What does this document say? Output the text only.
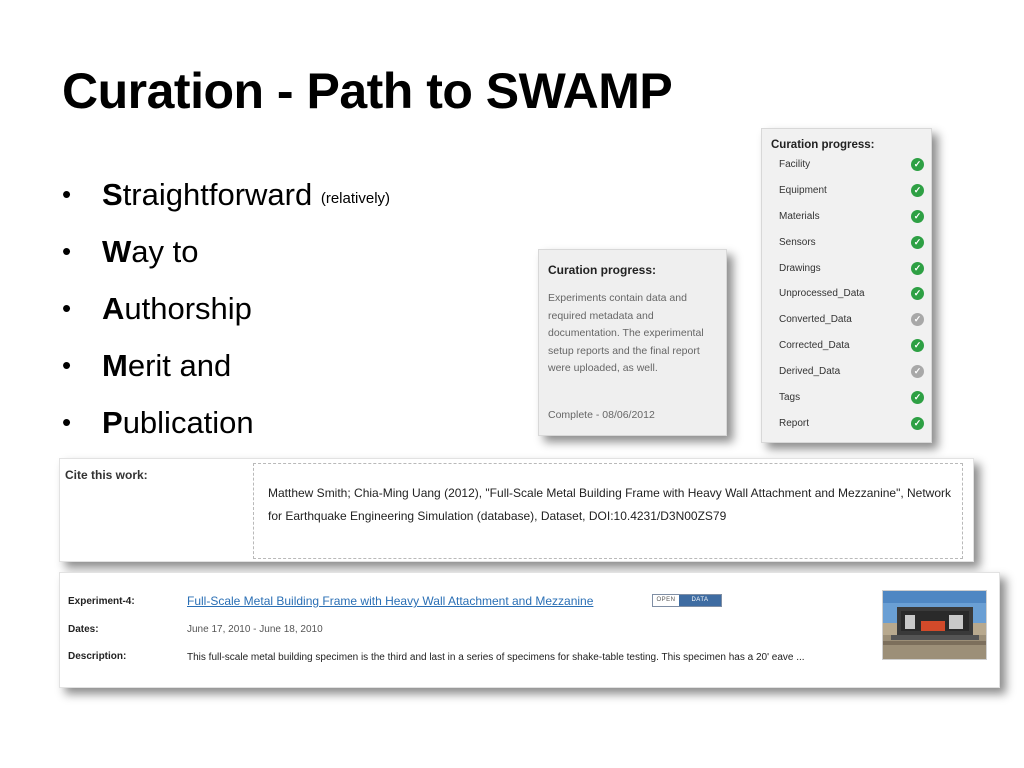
Curation - Path to SWAMP
• Straightforward (relatively)
• Way to
• Authorship
• Merit and
• Publication
Curation progress:
Experiments contain data and required metadata and documentation. The experimental setup reports and the final report were uploaded, as well.
Complete - 08/06/2012
Curation progress:
Facility	✓
Equipment	✓
Materials	✓
Sensors	✓
Drawings	✓
Unprocessed_Data	✓
Converted_Data	✓
Corrected_Data	✓
Derived_Data	✓
Tags	✓
Report	✓
Cite this work:
Matthew Smith; Chia-Ming Uang (2012), "Full-Scale Metal Building Frame with Heavy Wall Attachment and Mezzanine", Network for Earthquake Engineering Simulation (database), Dataset, DOI:10.4231/D3N00ZS79
Experiment-4:	Full-Scale Metal Building Frame with Heavy Wall Attachment and Mezzanine	OPEN	DATA
Dates:	June 17, 2010 - June 18, 2010
Description:	This full-scale metal building specimen is the third and last in a series of specimens for shake-table testing. This specimen has a 20' eave ...
